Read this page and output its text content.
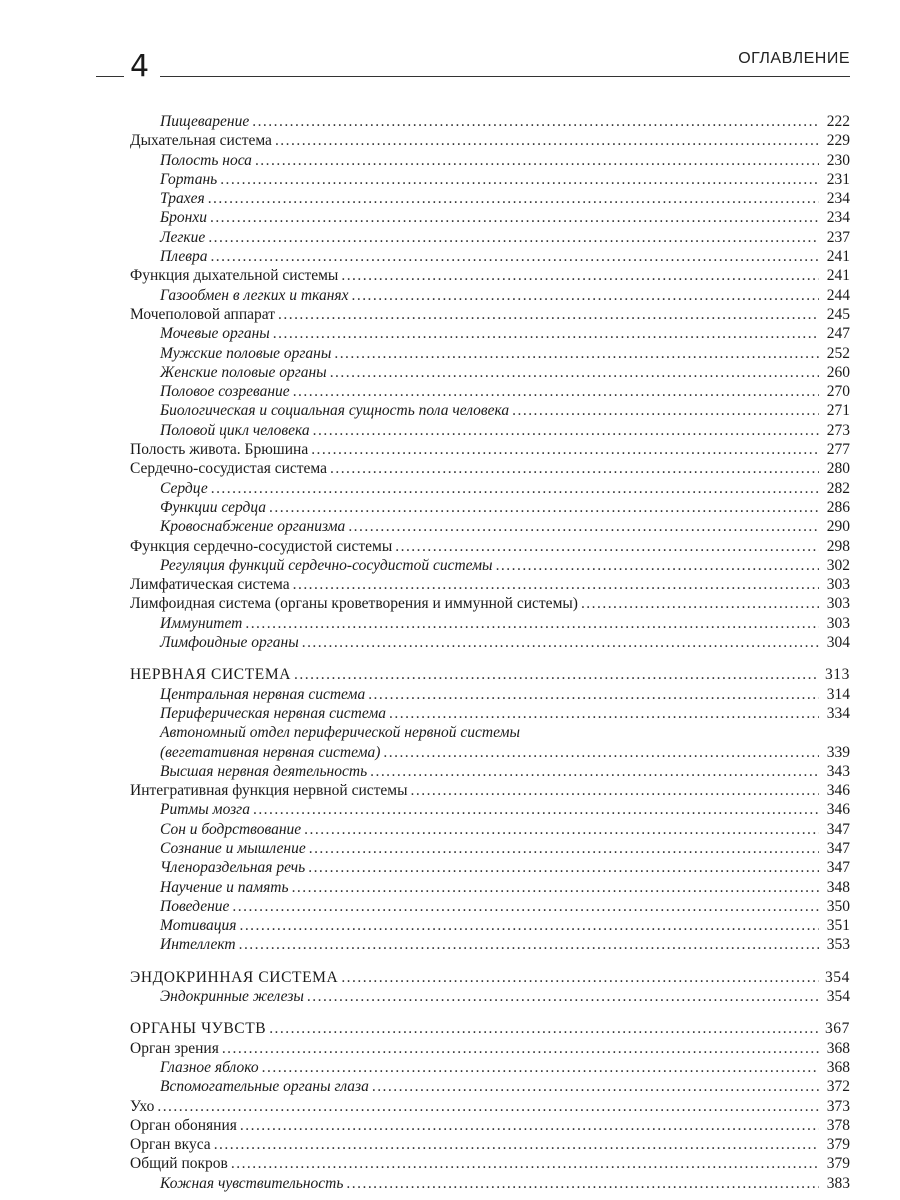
4	ОГЛАВЛЕНИЕ
Пищеварение . . .	222
Дыхательная система . . .	229
Полость носа . . .	230
Гортань . . .	231
Трахея . . .	234
Бронхи . . .	234
Легкие . . .	237
Плевра . . .	241
Функция дыхательной системы . . .	241
Газообмен в легких и тканях . . .	244
Мочеполовой аппарат . . .	245
Мочевые органы . . .	247
Мужские половые органы . . .	252
Женские половые органы . . .	260
Половое созревание . . .	270
Биологическая и социальная сущность пола человека . . .	271
Половой цикл человека . . .	273
Полость живота. Брюшина . . .	277
Сердечно-сосудистая система . . .	280
Сердце . . .	282
Функции сердца . . .	286
Кровоснабжение организма . . .	290
Функция сердечно-сосудистой системы . . .	298
Регуляция функций сердечно-сосудистой системы . . .	302
Лимфатическая система . . .	303
Лимфоидная система (органы кроветворения и иммунной системы) . . .	303
Иммунитет . . .	303
Лимфоидные органы . . .	304
НЕРВНАЯ СИСТЕМА . . .	313
Центральная нервная система . . .	314
Периферическая нервная система . . .	334
Автономный отдел периферической нервной системы
(вегетативная нервная система) . . .	339
Высшая нервная деятельность . . .	343
Интегративная функция нервной системы . . .	346
Ритмы мозга . . .	346
Сон и бодрствование . . .	347
Сознание и мышление . . .	347
Членораздельная речь . . .	347
Научение и память . . .	348
Поведение . . .	350
Мотивация . . .	351
Интеллект . . .	353
ЭНДОКРИННАЯ СИСТЕМА . . .	354
Эндокринные железы . . .	354
ОРГАНЫ ЧУВСТВ . . .	367
Орган зрения . . .	368
Глазное яблоко . . .	368
Вспомогательные органы глаза . . .	372
Ухо . . .	373
Орган обоняния . . .	378
Орган вкуса . . .	379
Общий покров . . .	379
Кожная чувствительность . . .	383
